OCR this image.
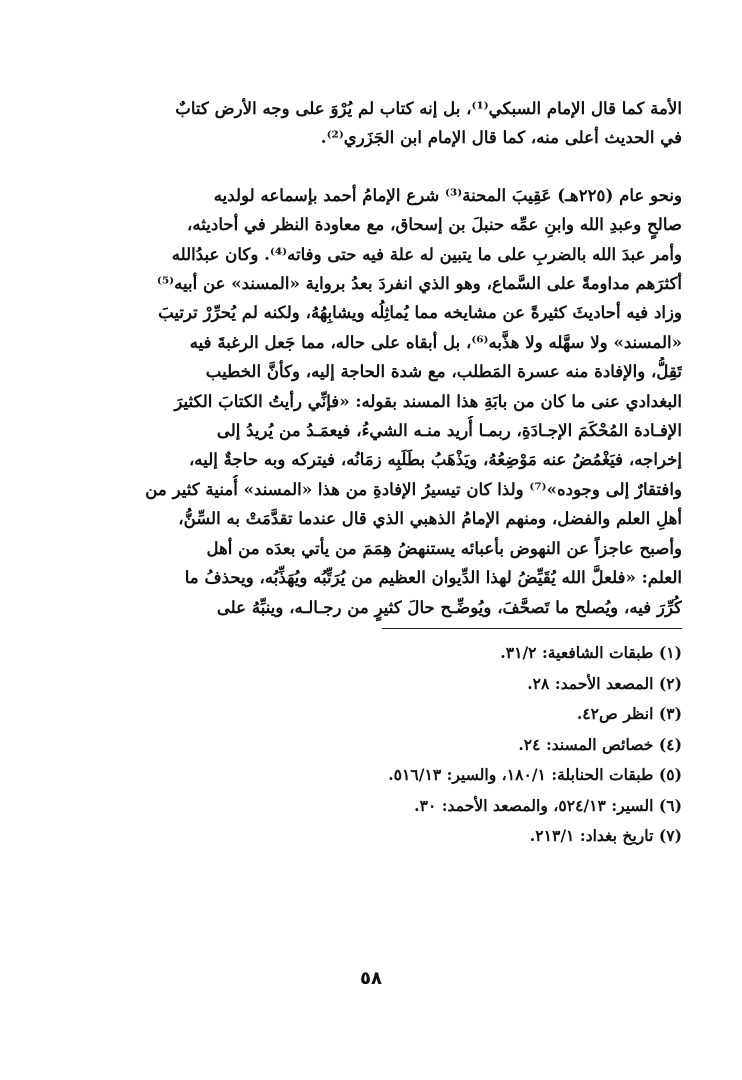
الأمة كما قال الإمام السبكي⁽¹⁾، بل إنه كتاب لم يُرْوَ على وجه الأرض كتابٌ
في الحديث أعلى منه، كما قال الإمام ابن الجَزَري⁽²⁾.
ونحو عام (٢٢٥هـ) عَقِيبَ المحنة⁽³⁾ شرع الإمامُ أحمد بإسماعه لولديه
صالحٍ وعبدِ الله وابنِ عمِّه حنبلَ بن إسحاق، مع معاودة النظر في أحاديثه،
وأمر عبدَ الله بالضربِ على ما يتبين له علة فيه حتى وفاته⁽⁴⁾. وكان عبدُالله
أكثرَهم مداومةً على السَّماع، وهو الذي انفردَ بعدُ برواية «المسند» عن أبيه⁽⁵⁾
وزاد فيه أحاديثَ كثيرةً عن مشايخه مما يُماثِلُه ويشابِهُهُ، ولكنه لم يُحرِّرْ ترتيبَ
«المسند» ولا سهَّله ولا هذَّبه⁽⁶⁾، بل أبقاه على حاله، مما جَعل الرغبةَ فيه
تَقِلُّ، والإفادة منه عسرة المَطلب، مع شدة الحاجة إليه، وكأنَّ الخطيب
البغدادي عنى ما كان من بابَةِ هذا المسند بقوله: «فإنِّي رأيتُ الكتابَ الكثيرَ
الإفـادة المُحْكَمَ الإجـادَةِ، ربمـا أُريد منـه الشيءُ، فيعمَـدُ من يُريدُ إلى
إخراجه، فيَغْمُضُ عنه مَوْضِعُهُ، ويَذْهَبُ بطَلَبِه زمَانُه، فيتركه وبه حاجةٌ إليه،
وافتقارٌ إلى وجوده»⁽⁷⁾ ولذا كان تيسيرُ الإفادةِ من هذا «المسند» أُمنية كثير من
أهلِ العلم والفضل، ومنهم الإمامُ الذهبي الذي قال عندما تقدَّمَتْ به السِّنُّ،
وأصبح عاجزاً عن النهوض بأعبائه يستنهضُ هِمَمَ من يأتي بعدَه من أهل
العلم: «فلعلَّ الله يُقَيِّضُ لهذا الدِّيوان العظيم من يُرَتِّبُه ويُهَذِّبُه، ويحذفُ ما
كُرِّرَ فيه، ويُصلح ما تَصحَّفَ، ويُوضِّـح حالَ كثيرٍ من رجـالـه، وينبِّهُ على
(١) طبقات الشافعية: ٣١/٢.
(٢) المصعد الأحمد: ٢٨.
(٣) انظر ص٤٢.
(٤) خصائص المسند: ٢٤.
(٥) طبقات الحنابلة: ١٨٠/١، والسير: ٥١٦/١٣.
(٦) السير: ٥٢٤/١٣، والمصعد الأحمد: ٣٠.
(٧) تاريخ بغداد: ٢١٣/١.
٥٨
